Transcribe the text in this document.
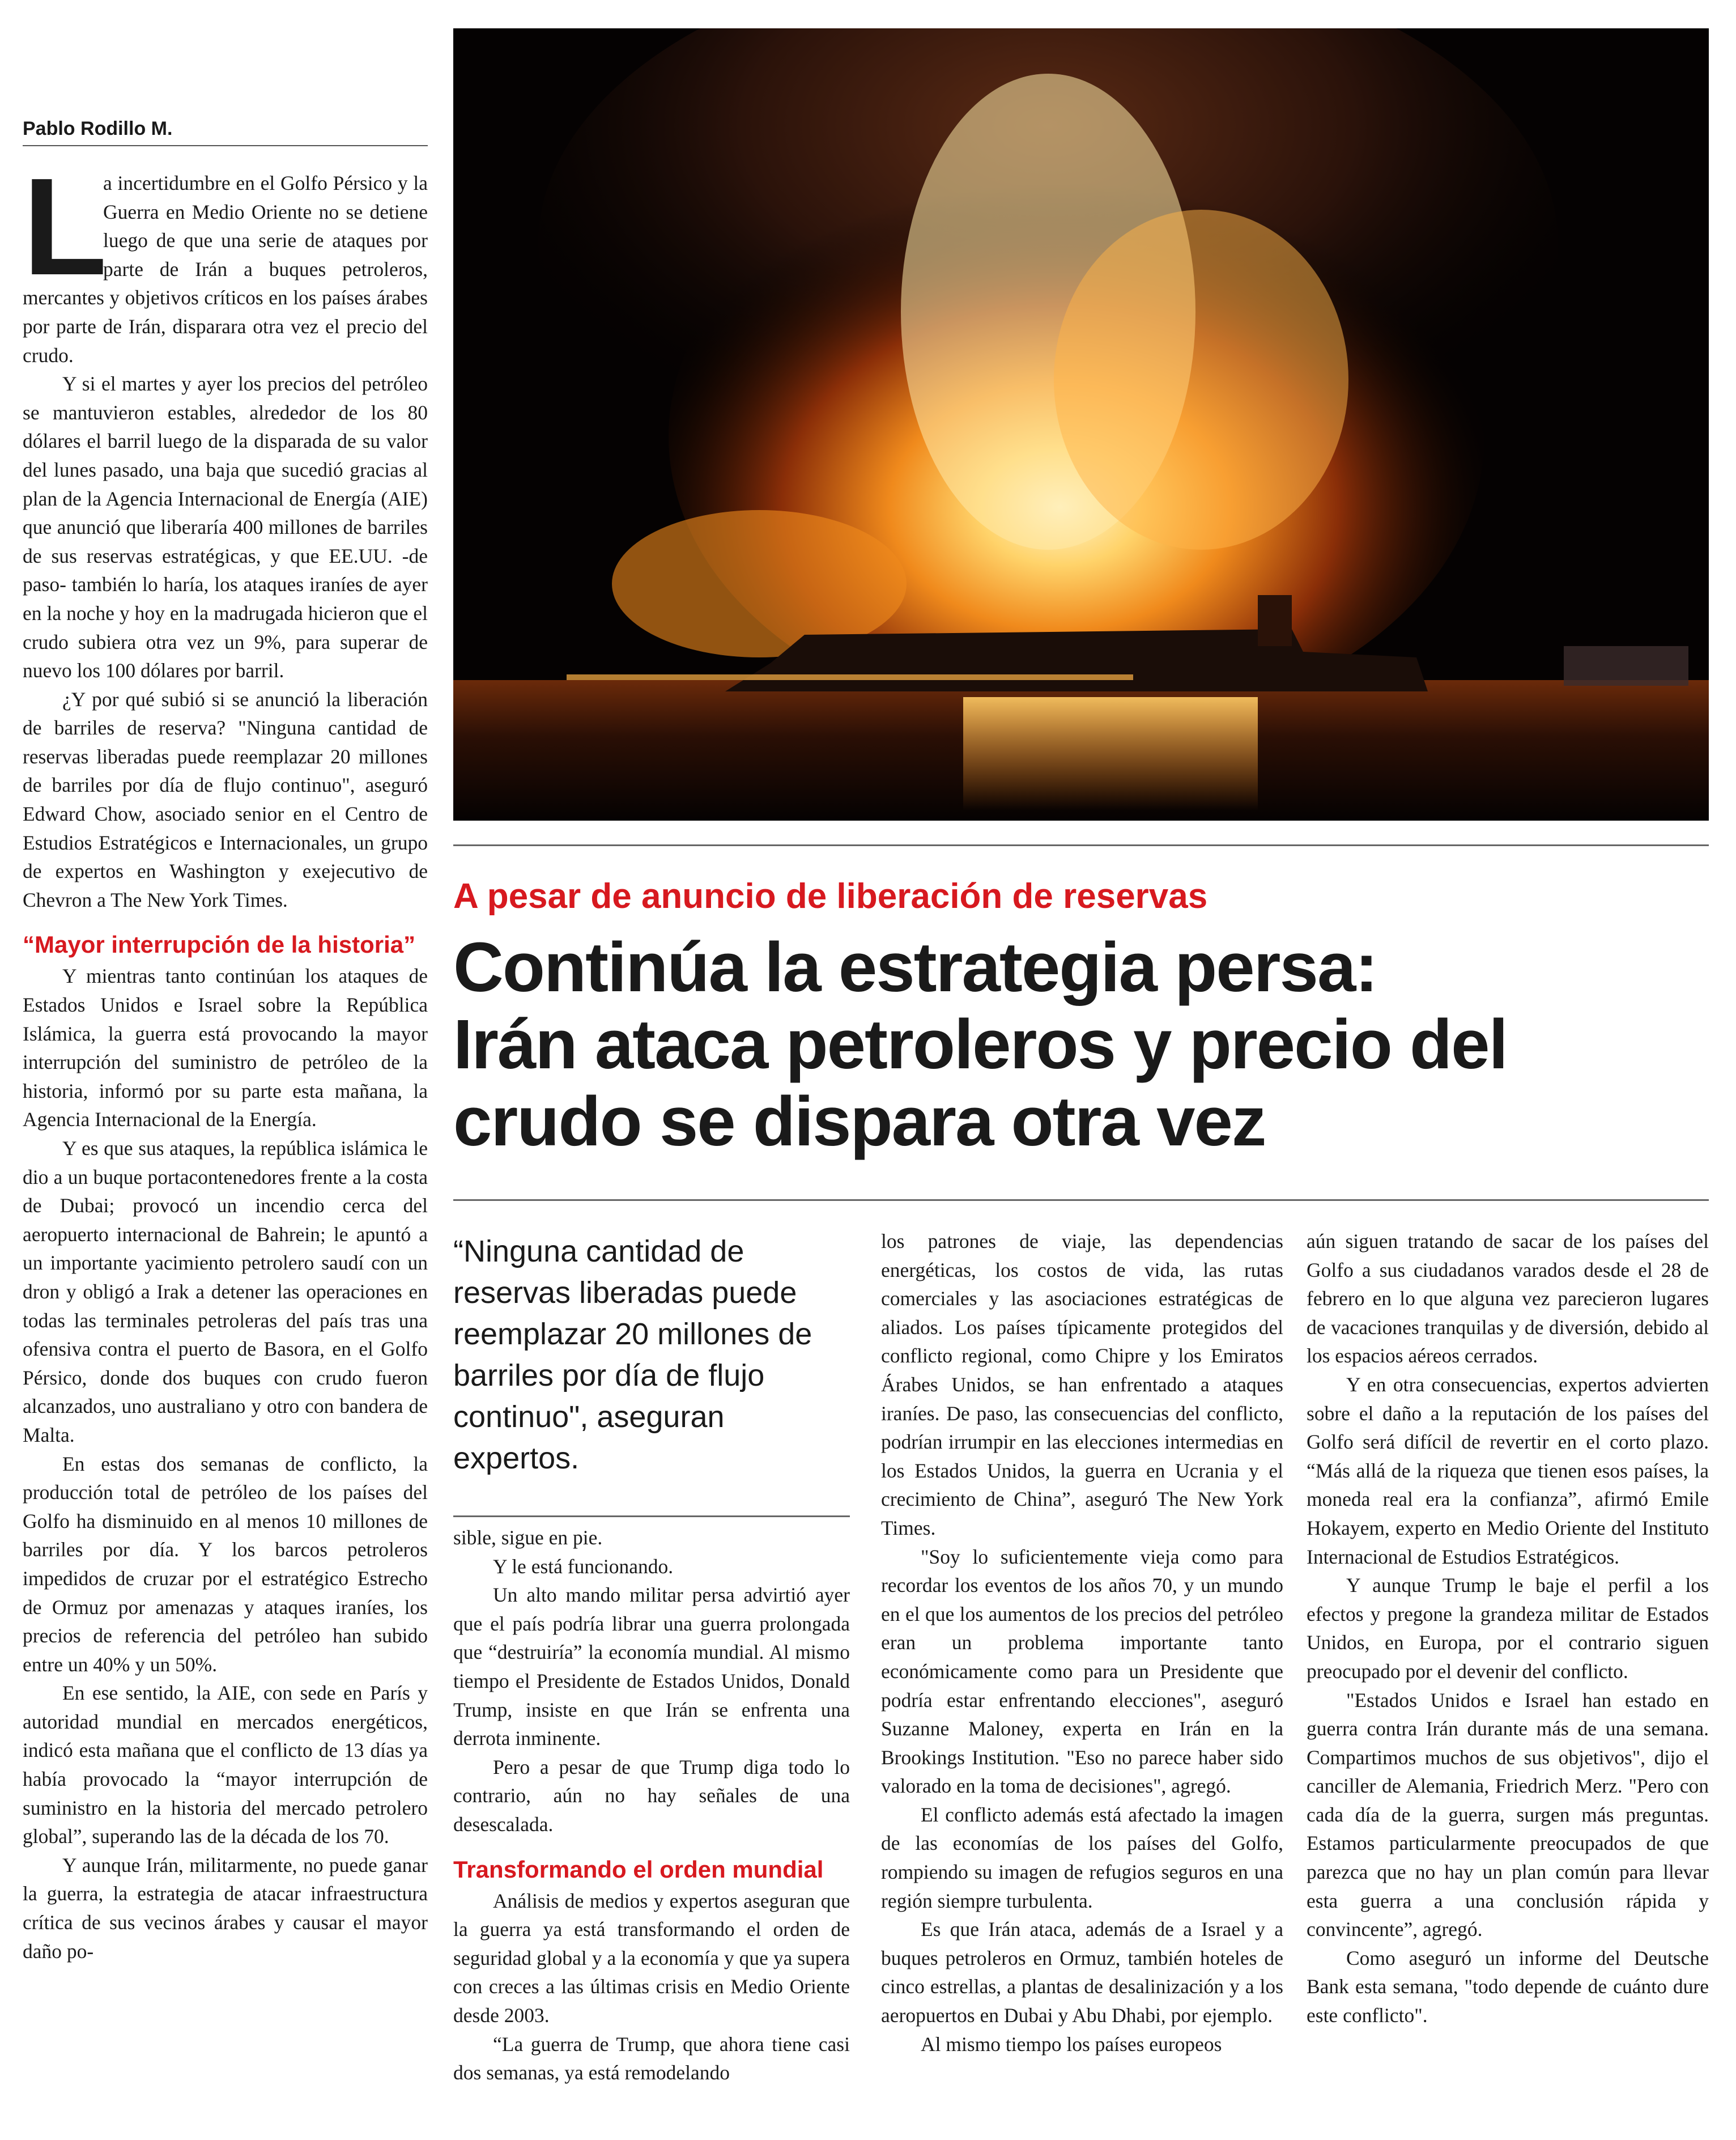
Pablo Rodillo M.

L
a incertidumbre en el Golfo Pérsico y la Guerra en Medio Oriente no se detiene luego de que una serie de ataques por parte de Irán a buques petroleros, mercantes y objetivos críticos en los países árabes por parte de Irán, disparara otra vez el precio del crudo.

Y si el martes y ayer los precios del petróleo se mantuvieron estables, alrededor de los 80 dólares el barril luego de la disparada de su valor del lunes pasado, una baja que sucedió gracias al plan de la Agencia Internacional de Energía (AIE) que anunció que liberaría 400 millones de barriles de sus reservas estratégicas, y que EE.UU. -de paso- también lo haría, los ataques iraníes de ayer en la noche y hoy en la madrugada hicieron que el crudo subiera otra vez un 9%, para superar de nuevo los 100 dólares por barril.

¿Y por qué subió si se anunció la liberación de barriles de reserva? "Ninguna cantidad de reservas liberadas puede reemplazar 20 millones de barriles por día de flujo continuo", aseguró Edward Chow, asociado senior en el Centro de Estudios Estratégicos e Internacionales, un grupo de expertos en Washington y exejecutivo de Chevron a The New York Times.

“Mayor interrupción de la historia”

Y mientras tanto continúan los ataques de Estados Unidos e Israel sobre la República Islámica, la guerra está provocando la mayor interrupción del suministro de petróleo de la historia, informó por su parte esta mañana, la Agencia Internacional de la Energía.

Y es que sus ataques, la república islámica le dio a un buque portacontenedores frente a la costa de Dubai; provocó un incendio cerca del aeropuerto internacional de Bahrein; le apuntó a un importante yacimiento petrolero saudí con un dron y obligó a Irak a detener las operaciones en todas las terminales petroleras del país tras una ofensiva contra el puerto de Basora, en el Golfo Pérsico, donde dos buques con crudo fueron alcanzados, uno australiano y otro con bandera de Malta.

En estas dos semanas de conflicto, la producción total de petróleo de los países del Golfo ha disminuido en al menos 10 millones de barriles por día. Y los barcos petroleros impedidos de cruzar por el estratégico Estrecho de Ormuz por amenazas y ataques iraníes, los precios de referencia del petróleo han subido entre un 40% y un 50%.

En ese sentido, la AIE, con sede en París y autoridad mundial en mercados energéticos, indicó esta mañana que el conflicto de 13 días ya había provocado la “mayor interrupción de suministro en la historia del mercado petrolero global”, superando las de la década de los 70.

Y aunque Irán, militarmente, no puede ganar la guerra, la estrategia de atacar infraestructura crítica de sus vecinos árabes y causar el mayor daño po-

A pesar de anuncio de liberación de reservas
Continúa la estrategia persa:
Irán ataca petroleros y precio del
crudo se dispara otra vez
“Ninguna cantidad de reservas liberadas puede reemplazar 20 millones de barriles por día de flujo continuo", aseguran expertos.

sible, sigue en pie.

Y le está funcionando.

Un alto mando militar persa advirtió ayer que el país podría librar una guerra prolongada que “destruiría” la economía mundial. Al mismo tiempo el Presidente de Estados Unidos, Donald Trump, insiste en que Irán se enfrenta una derrota inminente.

Pero a pesar de que Trump diga todo lo contrario, aún no hay señales de una desescalada.

Transformando el orden mundial

Análisis de medios y expertos aseguran que la guerra ya está transformando el orden de seguridad global y a la economía y que ya supera con creces a las últimas crisis en Medio Oriente desde 2003.

“La guerra de Trump, que ahora tiene casi dos semanas, ya está remodelando

los patrones de viaje, las dependencias energéticas, los costos de vida, las rutas comerciales y las asociaciones estratégicas de aliados. Los países típicamente protegidos del conflicto regional, como Chipre y los Emiratos Árabes Unidos, se han enfrentado a ataques iraníes. De paso, las consecuencias del conflicto, podrían irrumpir en las elecciones intermedias en los Estados Unidos, la guerra en Ucrania y el crecimiento de China”, aseguró The New York Times.

"Soy lo suficientemente vieja como para recordar los eventos de los años 70, y un mundo en el que los aumentos de los precios del petróleo eran un problema importante tanto económicamente como para un Presidente que podría estar enfrentando elecciones", aseguró Suzanne Maloney, experta en Irán en la Brookings Institution. "Eso no parece haber sido valorado en la toma de decisiones", agregó.

El conflicto además está afectado la imagen de las economías de los países del Golfo, rompiendo su imagen de refugios seguros en una región siempre turbulenta.

Es que Irán ataca, además de a Israel y a buques petroleros en Ormuz, también hoteles de cinco estrellas, a plantas de desalinización y a los aeropuertos en Dubai y Abu Dhabi, por ejemplo.

Al mismo tiempo los países europeos

aún siguen tratando de sacar de los países del Golfo a sus ciudadanos varados desde el 28 de febrero en lo que alguna vez parecieron lugares de vacaciones tranquilas y de diversión, debido al los espacios aéreos cerrados.

Y en otra consecuencias, expertos advierten sobre el daño a la reputación de los países del Golfo será difícil de revertir en el corto plazo. “Más allá de la riqueza que tienen esos países, la moneda real era la confianza”, afirmó Emile Hokayem, experto en Medio Oriente del Instituto Internacional de Estudios Estratégicos.

Y aunque Trump le baje el perfil a los efectos y pregone la grandeza militar de Estados Unidos, en Europa, por el contrario siguen preocupado por el devenir del conflicto.

"Estados Unidos e Israel han estado en guerra contra Irán durante más de una semana. Compartimos muchos de sus objetivos", dijo el canciller de Alemania, Friedrich Merz. "Pero con cada día de la guerra, surgen más preguntas. Estamos particularmente preocupados de que parezca que no hay un plan común para llevar esta guerra a una conclusión rápida y convincente”, agregó.

Como aseguró un informe del Deutsche Bank esta semana, "todo depende de cuánto dure este conflicto".
